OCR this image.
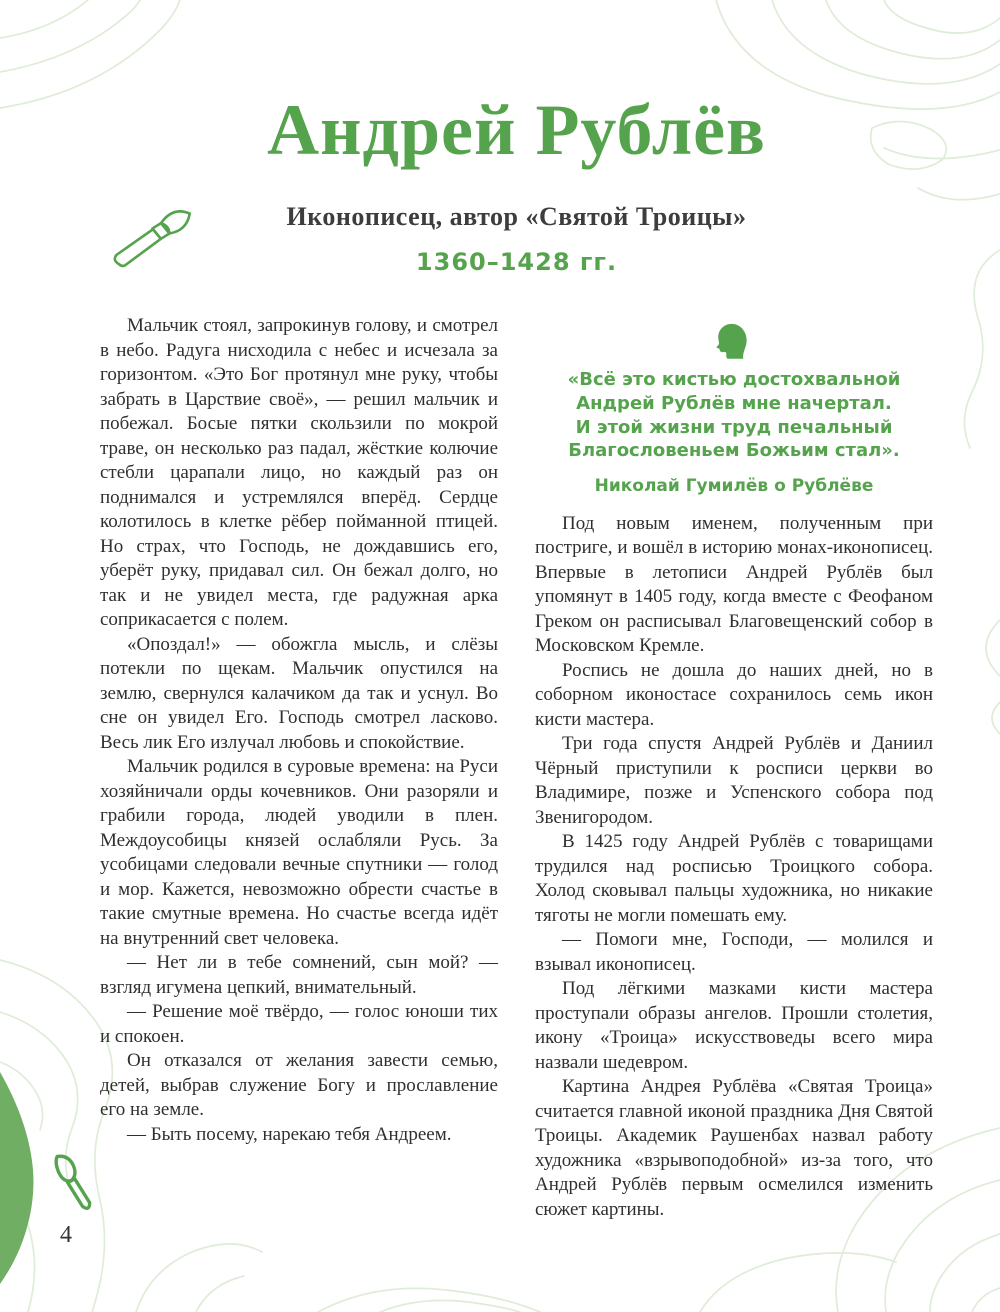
Андрей Рублёв
Иконописец, автор «Святой Троицы»
1360–1428 гг.

Мальчик стоял, запрокинув голову, и смотрел в небо. Радуга нисходила с небес и исчезала за горизонтом. «Это Бог протянул мне руку, чтобы забрать в Царствие своё», — решил мальчик и побежал. Босые пятки скользили по мокрой траве, он несколько раз падал, жёсткие колючие стебли царапали лицо, но каждый раз он поднимался и устремлялся вперёд. Сердце колотилось в клетке рёбер пойманной птицей. Но страх, что Господь, не дождавшись его, уберёт руку, придавал сил. Он бежал долго, но так и не увидел места, где радужная арка соприкасается с полем.

«Опоздал!» — обожгла мысль, и слёзы потекли по щекам. Мальчик опустился на землю, свернулся калачиком да так и уснул. Во сне он увидел Его. Господь смотрел ласково. Весь лик Его излучал любовь и спокойствие.

Мальчик родился в суровые времена: на Руси хозяйничали орды кочевников. Они разоряли и грабили города, людей уводили в плен. Междоусобицы князей ослабляли Русь. За усобицами следовали вечные спутники — голод и мор. Кажется, невозможно обрести счастье в такие смутные времена. Но счастье всегда идёт на внутренний свет человека.

— Нет ли в тебе сомнений, сын мой? — взгляд игумена цепкий, внимательный.

— Решение моё твёрдо, — голос юноши тих и спокоен.

Он отказался от желания завести семью, детей, выбрав служение Богу и прославление его на земле.

— Быть посему, нарекаю тебя Андреем.

«Всё это кистью достохвальной
Андрей Рублёв мне начертал.
И этой жизни труд печальный
Благословеньем Божьим стал».
Николай Гумилёв о Рублёве

Под новым именем, полученным при постриге, и вошёл в историю монах-иконописец. Впервые в летописи Андрей Рублёв был упомянут в 1405 году, когда вместе с Феофаном Греком он расписывал Благовещенский собор в Московском Кремле.

Роспись не дошла до наших дней, но в соборном иконостасе сохранилось семь икон кисти мастера.

Три года спустя Андрей Рублёв и Даниил Чёрный приступили к росписи церкви во Владимире, позже и Успенского собора под Звенигородом.

В 1425 году Андрей Рублёв с товарищами трудился над росписью Троицкого собора. Холод сковывал пальцы художника, но никакие тяготы не могли помешать ему.

— Помоги мне, Господи, — молился и взывал иконописец.

Под лёгкими мазками кисти мастера проступали образы ангелов. Прошли столетия, икону «Троица» искусствоведы всего мира назвали шедевром.

Картина Андрея Рублёва «Святая Троица» считается главной иконой праздника Дня Святой Троицы. Академик Раушенбах назвал работу художника «взрывоподобной» из-за того, что Андрей Рублёв первым осмелился изменить сюжет картины.

4
